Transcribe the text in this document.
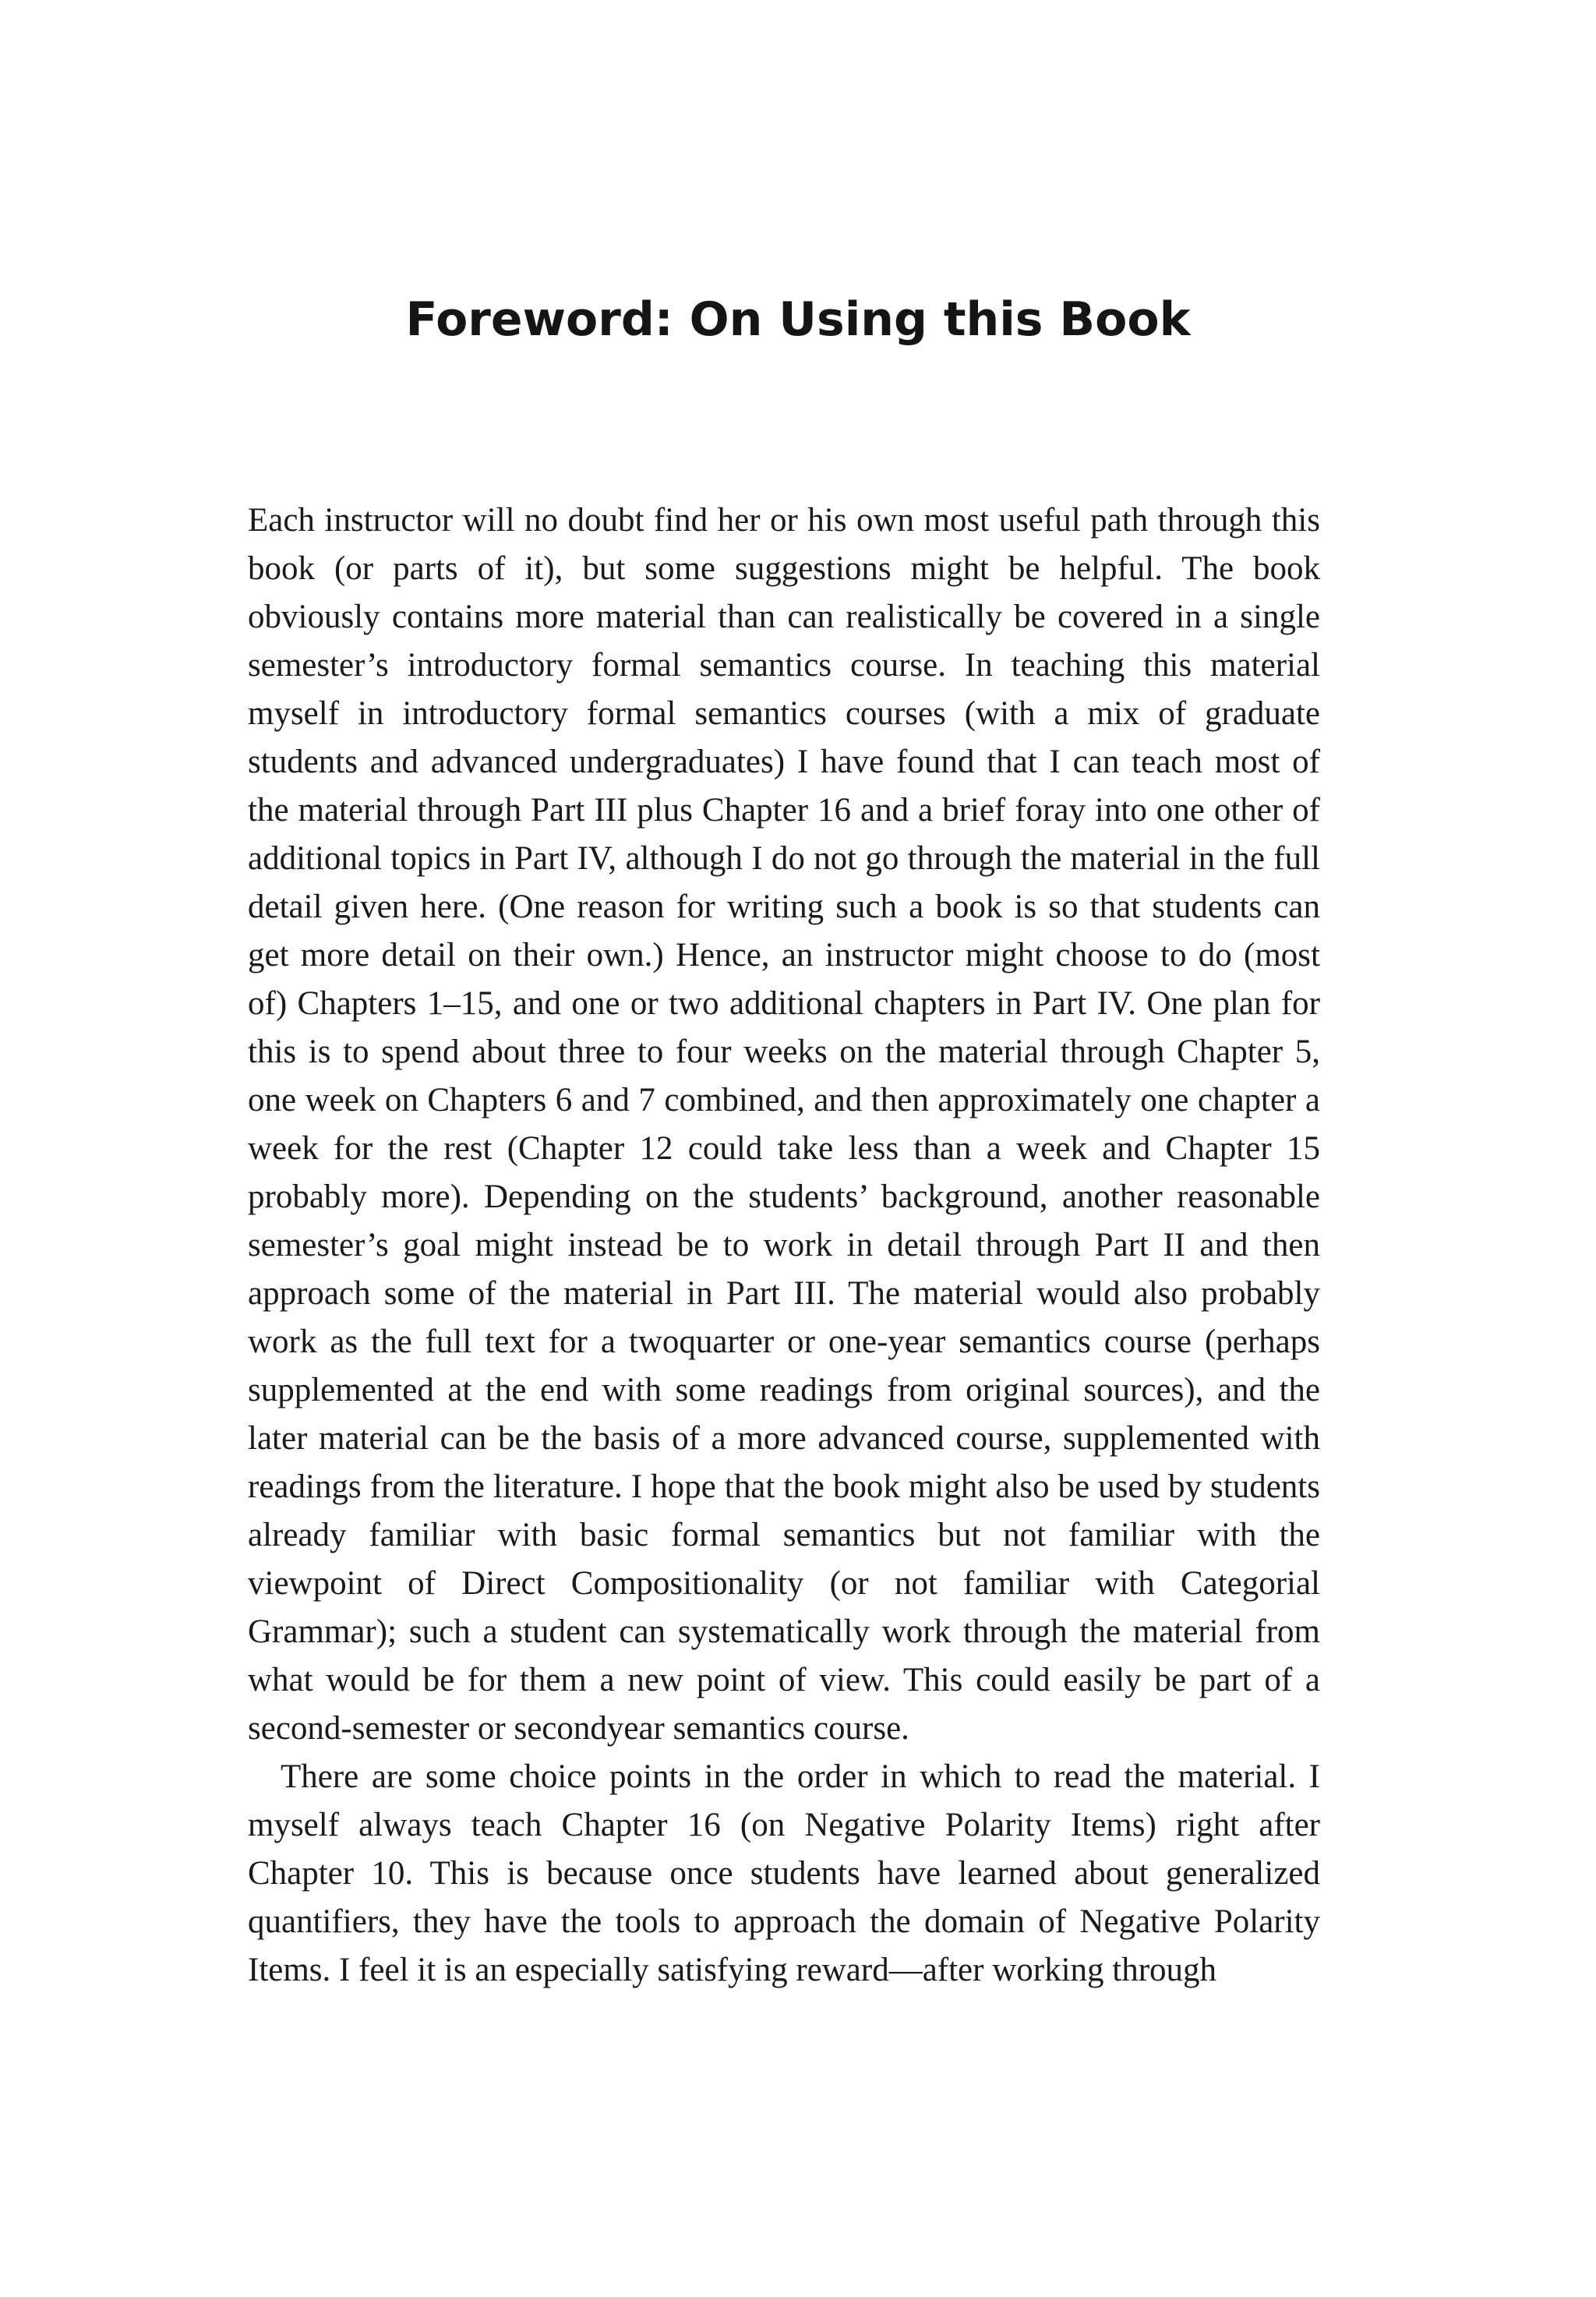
Foreword: On Using this Book

Each instructor will no doubt find her or his own most useful path through this book (or parts of it), but some suggestions might be helpful. The book obviously contains more material than can realistically be covered in a single semester’s introductory formal semantics course. In teaching this material myself in introductory formal semantics courses (with a mix of graduate students and advanced undergraduates) I have found that I can teach most of the material through Part III plus Chapter 16 and a brief foray into one other of additional topics in Part IV, although I do not go through the material in the full detail given here. (One reason for writing such a book is so that students can get more detail on their own.) Hence, an instructor might choose to do (most of) Chapters 1–15, and one or two additional chapters in Part IV. One plan for this is to spend about three to four weeks on the material through Chapter 5, one week on Chapters 6 and 7 combined, and then approximately one chapter a week for the rest (Chapter 12 could take less than a week and Chapter 15 probably more). Depending on the students’ background, another reasonable semester’s goal might instead be to work in detail through Part II and then approach some of the material in Part III. The material would also probably work as the full text for a twoquarter or one-year semantics course (perhaps supplemented at the end with some readings from original sources), and the later material can be the basis of a more advanced course, supplemented with readings from the literature. I hope that the book might also be used by students already familiar with basic formal semantics but not familiar with the viewpoint of Direct Compositionality (or not familiar with Categorial Grammar); such a student can systematically work through the material from what would be for them a new point of view. This could easily be part of a second-semester or secondyear semantics course.

There are some choice points in the order in which to read the material. I myself always teach Chapter 16 (on Negative Polarity Items) right after Chapter 10. This is because once students have learned about generalized quantifiers, they have the tools to approach the domain of Negative Polarity Items. I feel it is an especially satisfying reward—after working through
